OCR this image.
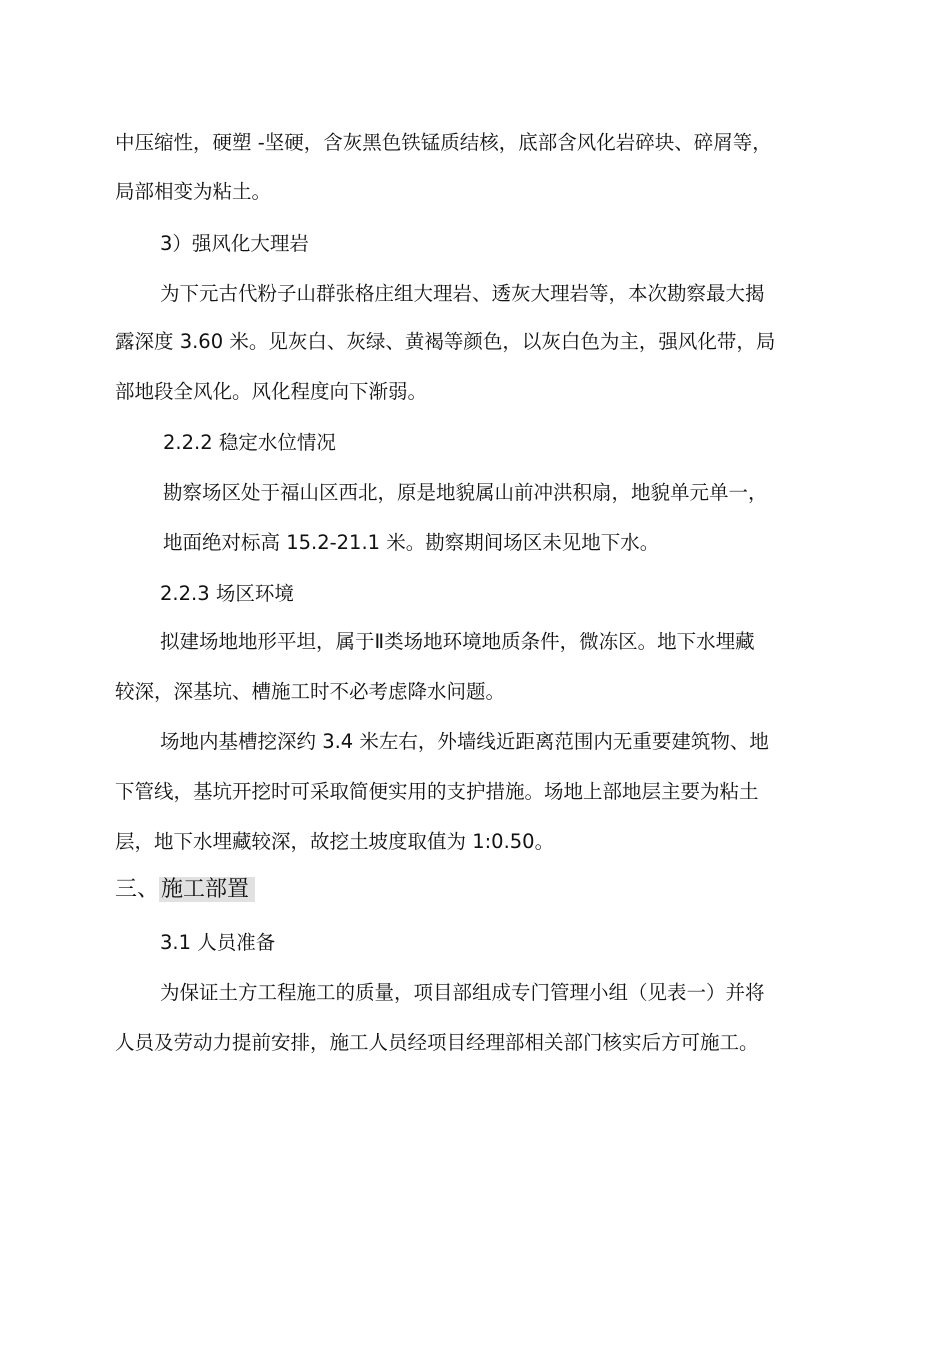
中压缩性，硬塑 -坚硬，含灰黑色铁锰质结核，底部含风化岩碎块、碎屑等，

局部相变为粘土。

3）强风化大理岩

为下元古代粉子山群张格庄组大理岩、透灰大理岩等，本次勘察最大揭

露深度 3.60 米。见灰白、灰绿、黄褐等颜色，以灰白色为主，强风化带，局

部地段全风化。风化程度向下渐弱。

2.2.2 稳定水位情况

勘察场区处于福山区西北，原是地貌属山前冲洪积扇，地貌单元单一，

地面绝对标高 15.2-21.1 米。勘察期间场区未见地下水。

2.2.3 场区环境

拟建场地地形平坦，属于Ⅱ类场地环境地质条件，微冻区。地下水埋藏

较深，深基坑、槽施工时不必考虑降水问题。

场地内基槽挖深约 3.4 米左右，外墙线近距离范围内无重要建筑物、地

下管线，基坑开挖时可采取简便实用的支护措施。场地上部地层主要为粘土

层，地下水埋藏较深，故挖土坡度取值为 1:0.50。

三、施工部置

3.1 人员准备

为保证土方工程施工的质量，项目部组成专门管理小组（见表一）并将

人员及劳动力提前安排，施工人员经项目经理部相关部门核实后方可施工。
